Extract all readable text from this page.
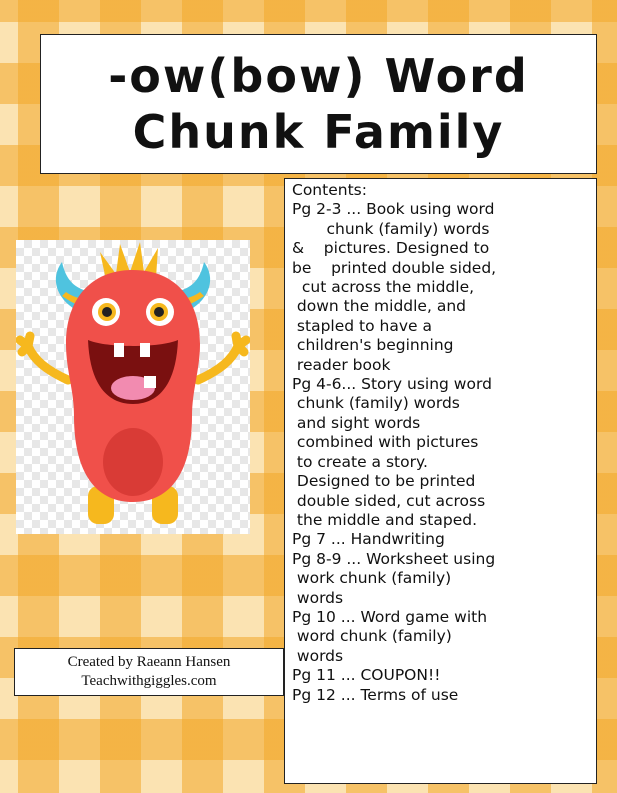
-ow(bow) Word
Chunk Family
Contents:
Pg 2-3 ... Book using word
chunk (family) words
&    pictures. Designed to
be    printed double sided,
cut across the middle,
down the middle, and
stapled to have a
children's beginning
reader book
Pg 4-6... Story using word
chunk (family) words
and sight words
combined with pictures
to create a story.
Designed to be printed
double sided, cut across
the middle and staped.
Pg 7 ... Handwriting
Pg 8-9 ... Worksheet using
work chunk (family)
words
Pg 10 ... Word game with
word chunk (family)
words
Pg 11 ... COUPON!!
Pg 12 ... Terms of use
Created by Raeann Hansen
Teachwithgiggles.com
